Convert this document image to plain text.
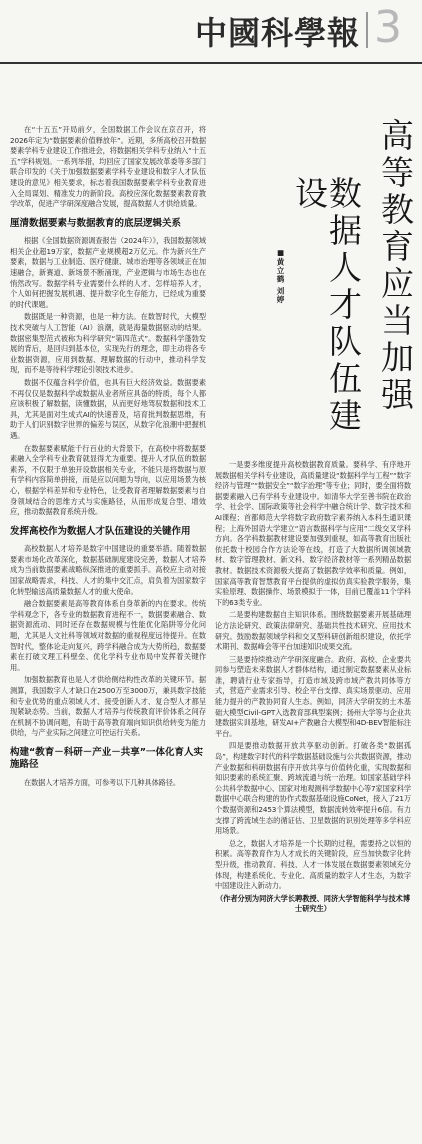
中國科學報 3
高等教育应当加强
数据人才队伍建设
■黄立鹤 刘婷

在“十五五”开局前夕，全国数据工作会议在京召开，将2026年定为“数据要素价值释放年”。近期，多所高校召开数据要素学科专业建设工作推进会，将数据相关学科专业纳入“十五五”学科规划。一系列举措，均回应了国家发展改革委等多部门联合印发的《关于加强数据要素学科专业建设和数字人才队伍建设的意见》相关要求，标志着我国数据要素学科专业教育进入全局谋划、精准发力的新阶段。高校应深化数据要素教育教学改革，促进产学研深度融合发展，提高数据人才供给质量。

厘清数据要素与数据教育的底层逻辑关系

根据《全国数据资源调查报告（2024年）》，我国数据领域相关企业超19万家，数据产业规模超2万亿元。作为新兴生产要素，数据与工业制造、医疗健康、城市治理等各领域正在加速融合，新赛道、新场景不断涌现，产业逻辑与市场生态也在悄然改写。数据学科专业需要什么样的人才、怎样培养人才，个人如何把握发展机遇、提升数字化生存能力，已经成为重要的时代课题。

数据既是一种资源，也是一种方法。在数智时代，大模型技术突破与人工智能（AI）浪潮，就是海量数据驱动的结果。数据密集型范式被称为科学研究“第四范式”。数据科学蓬勃发展的背后，是回归到基本位，实现先行的理念，即主动将各专业数据资源，应用到数据、理解数据的行动中，推动科学发现，而不是等待科学理论引领技术进步。

数据不仅蕴含科学价值，也具有巨大经济效益。数据要素不再仅仅是数据科学或数据从业者所应具备的特质，每个人都应该积极了解数据，读懂数据，从而更好地驾驭数据和技术工具，尤其是面对生成式AI的快速普及，培育批判数据思维，有助于人们识别数字世界的偏差与误区，从数字化浪潮中把握机遇。

在数据要素赋能千行百业的大背景下，在高校中将数据要素融入全学科专业教育就显得尤为重要。提升人才队伍的数据素养，不仅限于单独开设数据相关专业，不能只是将数据与原有学科内容简单拼接，而是应以问题为导向，以应用场景为核心，根据学科差异和专业特色，让受教育者理解数据要素与自身领域结合的思维方式与实施路径，从而形成复合型、增效应，推动数据教育系统升级。

发挥高校作为数据人才队伍建设的关键作用

高校数据人才培养是数字中国建设的重要举措。随着数据要素市场化改革深化，数据基础制度建设完善，数据人才培养成为当前数据要素战略纵深推进的重要抓手。高校应主动对接国家战略需求，科技、人才的集中交汇点，肩负着为国家数字化转型输送高质量数据人才的重大使命。

融合数据要素是高等教育体系自身革新的内在要求。传统学科观念下，各专业的数据教育进程不一，数据要素融合、数据资源流动、同时还存在数据规模与性能优化陷阱等分化问题，尤其是人文社科等领域对数据的重视程度远待提升。在数智时代，整体论走向复兴，跨学科融合成为大势所趋，数据要素在打破文理工科壁垒、优化学科专业布局中发挥着关键作用。

加强数据教育也是人才供给侧结构性改革的关键环节。据测算，我国数字人才缺口在2500万至3000万，兼具数字技能和专业优势的重点领域人才、接受创新人才、复合型人才都呈现紧缺态势。当前，数据人才培养与传统教育评价体系之间存在机制不协调问题，有助于高等教育端向知识供给转变为能力供给，与产业实际之间建立可控运行关系。

构建“教育－科研－产业－共享”一体化育人实施路径

在数据人才培养方面，可参考以下几种具体路径。

一是要多维度提升高校数据教育质量。要科学、有序地开展数据相关学科专业建设，高质量建设“数据科学与工程”“数字经济与管理”“数据安全”“数字治理”等专业；同时，要全面将数据要素融入已有学科专业建设中。如清华大学至善书院在政治学、社会学、国际政策等社会科学中融合统计学、数字技术和AI课程；首都师范大学将数字政府数字素养纳入本科生通识课程；上海外国语大学建立“语言数据科学与应用”二级交叉学科方向。各学科数据教材建设要加强到重视，如高等教育出版社依托数十校园合作方法论等在线，打造了大数据所调领域教材、数字管理教材、新文科、数字经济教材等一系列精品数据教材。数据技术资源极大提高了数据教学效率和质量。例如，国家高等教育智慧教育平台提供的虚拟仿真实验教学服务，集实验原理、数据操作、场景模拟于一体，目前已覆盖11个学科下的63类专业。

二是要构建数据自主知识体系。围绕数据要素开展基础理论方法论研究、政策法律研究、基础共性技术研究、应用技术研究。鼓励数据领域学科和交叉型科研创新组织建设，依托学术期刊、数据峰会等平台加速知识成果交流。

三是要持续推动产学研深度融合。政府、高校、企业要共同参与塑造未来数据人才群体结构，通过制定数据要素从业标准，聘请行业专家指导，打造市域及跨市域产教共同体等方式，营造产业需求引导、校企平台支撑、真实场景驱动、应用能力提升的产教协同育人生态。例如，同济大学研发的土木基础大模型Civil-GPT入选教育部典型案例；扬州大学等与企业共建数据实训基地，研发AI+产教融合大模型和4D-BEV智能标注平台。

四是要推动数据开放共享驱动创新。打破各类“数据孤岛”，构建数字时代的科学数据基础设施与公共数据资源，推动产业数据和科研数据有序开放共享与价值转化重，实现数据和知识要素的系统汇聚、跨域流通与统一治理。如国家基础学科公共科学数据中心、国家对地观测科学数据中心等7家国家科学数据中心联合构建的协作式数据基础设施CoNet，接入了21万个数据资源和2453个算法模型，数据流转效率提升6倍。有力支撑了跨流域生态的循证估、卫星数据的识别处理等多学科应用场景。

总之，数据人才培养是一个长期的过程，需要持之以恒的积累。高等教育作为人才成长的关键阶段，应当加快数字化转型升级，推动教育、科技、人才一体发展在数据要素领域充分体现，构建系统化、专业化、高质量的数字人才生态，为数字中国建设注入新动力。

（作者分别为同济大学长聘教授、同济大学智能科学与技术博士研究生）
